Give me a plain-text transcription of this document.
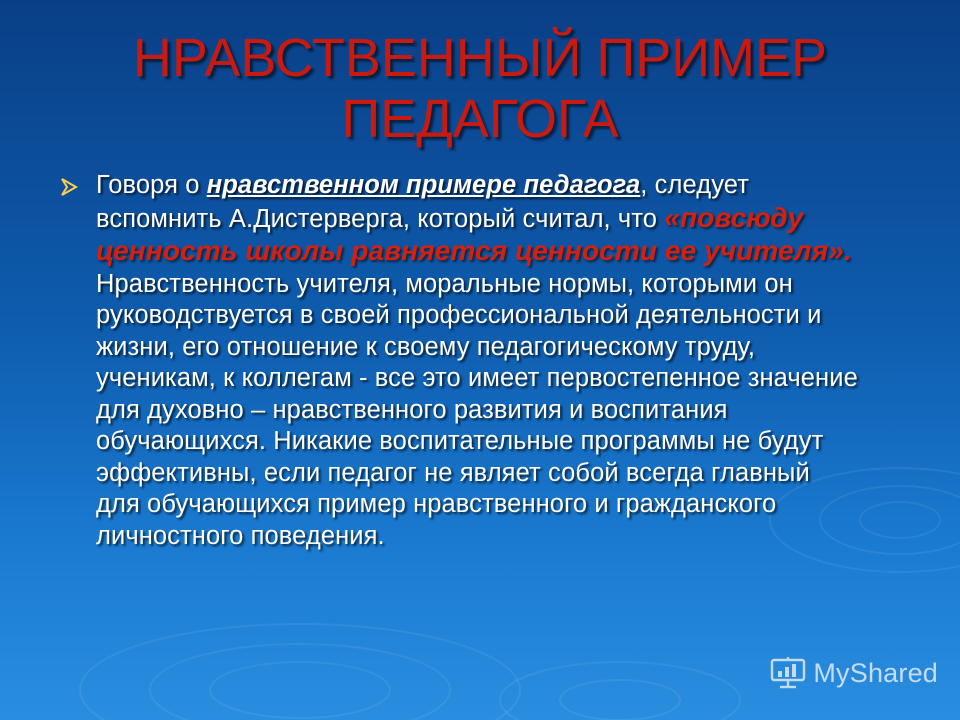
НРАВСТВЕННЫЙ ПРИМЕР
ПЕДАГОГА

Говоря о нравственном примере педагога, следует вспомнить А.Дистерверга, который считал, что «повсюду ценность школы равняется ценности ее учителя». Нравственность учителя, моральные нормы, которыми он руководствуется в своей профессиональной деятельности и жизни, его отношение к своему педагогическому труду, ученикам, к коллегам - все это имеет первостепенное значение для духовно – нравственного развития и воспитания обучающихся. Никакие воспитательные программы не будут эффективны, если педагог не являет собой всегда главный для обучающихся пример нравственного и гражданского личностного поведения.

MyShared
